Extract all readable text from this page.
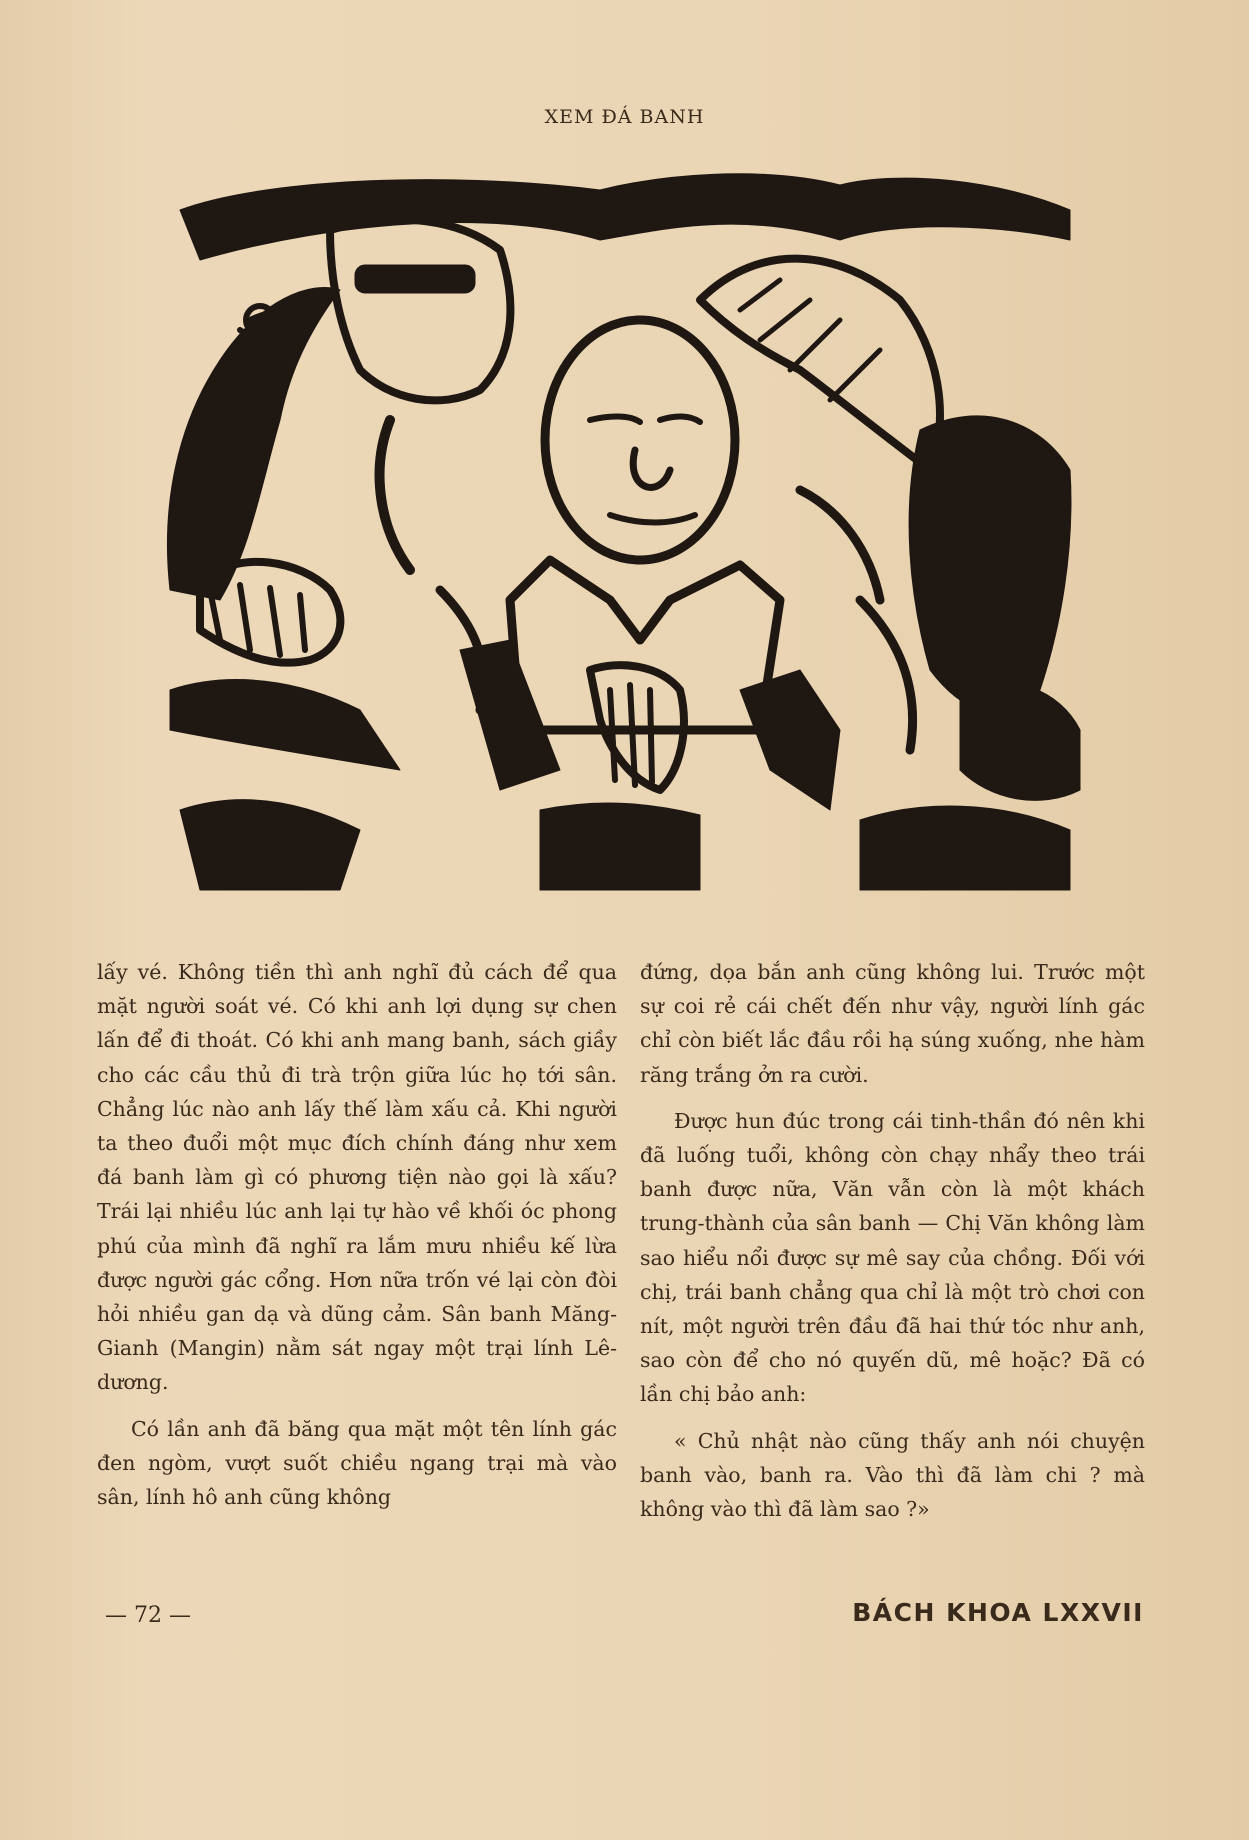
XEM ĐÁ BANH

lấy vé. Không tiền thì anh nghĩ đủ cách để qua mặt người soát vé. Có khi anh lợi dụng sự chen lấn để đi thoát. Có khi anh mang banh, sách giầy cho các cầu thủ đi trà trộn giữa lúc họ tới sân. Chẳng lúc nào anh lấy thế làm xấu cả. Khi người ta theo đuổi một mục đích chính đáng như xem đá banh làm gì có phương tiện nào gọi là xấu? Trái lại nhiều lúc anh lại tự hào về khối óc phong phú của mình đã nghĩ ra lắm mưu nhiều kế lừa được người gác cổng. Hơn nữa trốn vé lại còn đòi hỏi nhiều gan dạ và dũng cảm. Sân banh Măng-Gianh (Mangin) nằm sát ngay một trại lính Lê-dương.

Có lần anh đã băng qua mặt một tên lính gác đen ngòm, vượt suốt chiều ngang trại mà vào sân, lính hô anh cũng không

đứng, dọa bắn anh cũng không lui. Trước một sự coi rẻ cái chết đến như vậy, người lính gác chỉ còn biết lắc đầu rồi hạ súng xuống, nhe hàm răng trắng ởn ra cười.

Được hun đúc trong cái tinh-thần đó nên khi đã luống tuổi, không còn chạy nhẩy theo trái banh được nữa, Văn vẫn còn là một khách trung-thành của sân banh — Chị Văn không làm sao hiểu nổi được sự mê say của chồng. Đối với chị, trái banh chẳng qua chỉ là một trò chơi con nít, một người trên đầu đã hai thứ tóc như anh, sao còn để cho nó quyến dũ, mê hoặc? Đã có lần chị bảo anh:

« Chủ nhật nào cũng thấy anh nói chuyện banh vào, banh ra. Vào thì đã làm chi ? mà không vào thì đã làm sao ?»

— 72 —	BÁCH KHOA LXXVII
